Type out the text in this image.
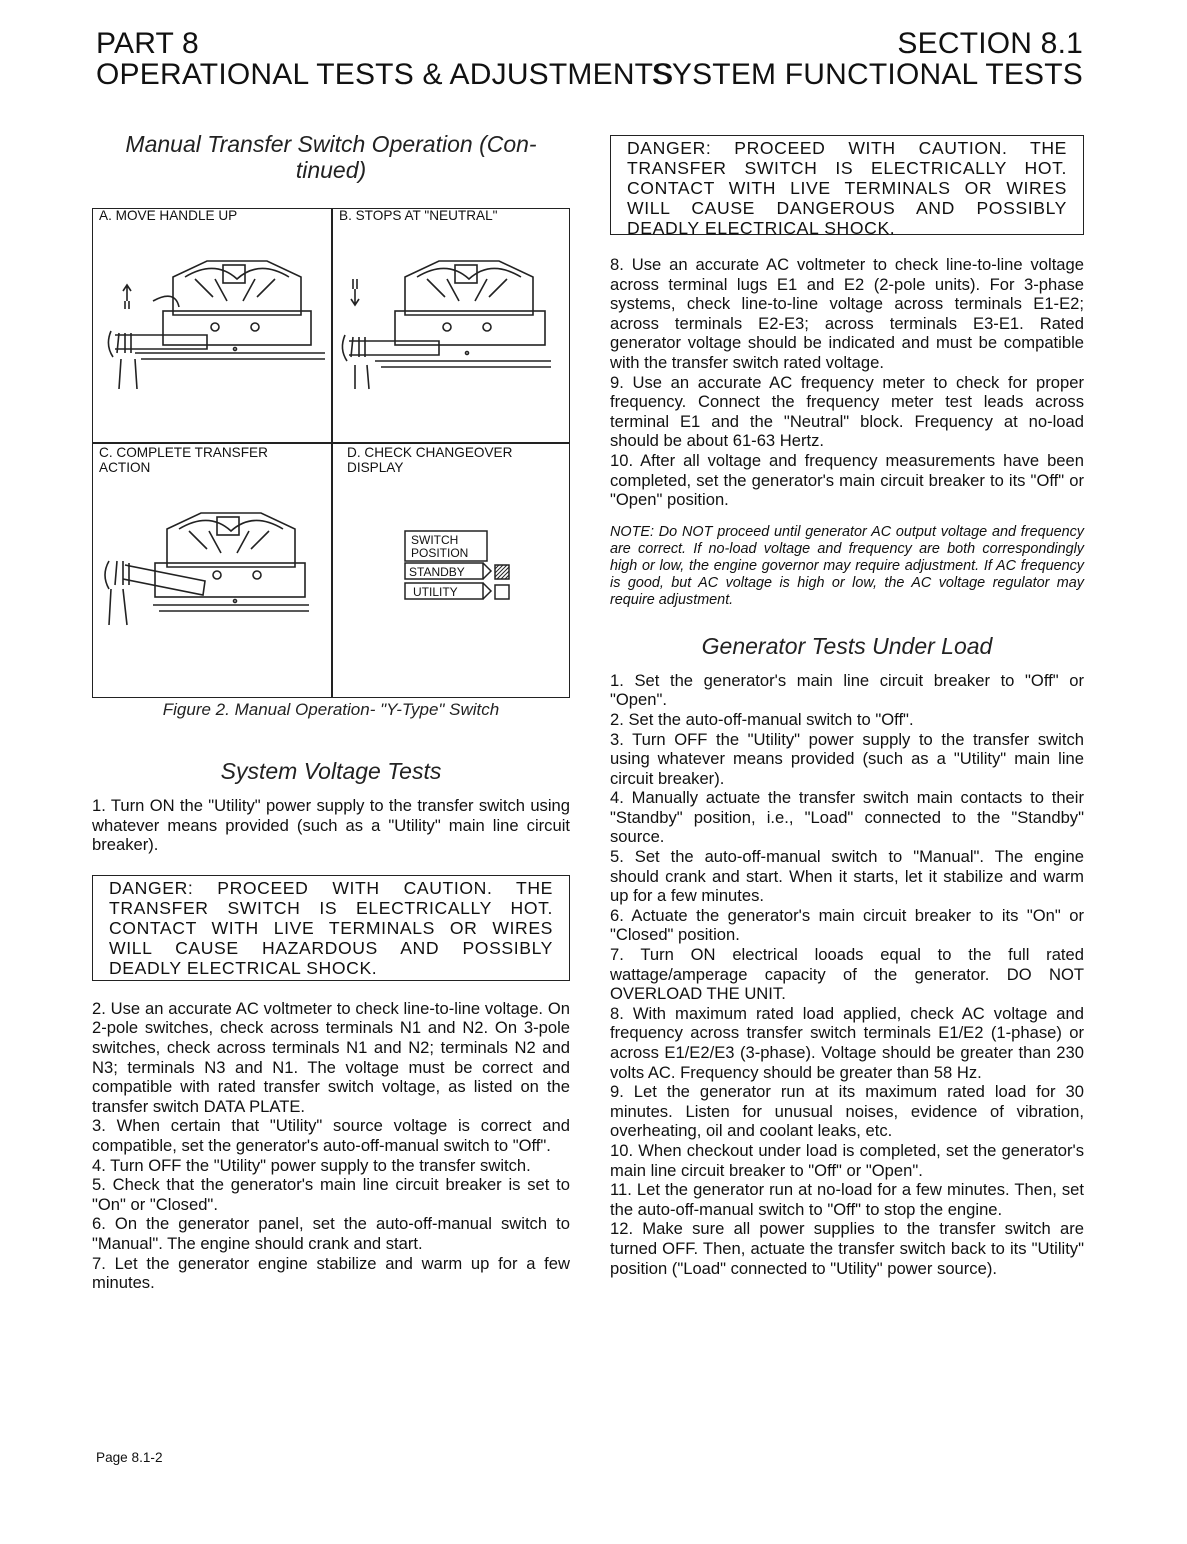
PART 8
OPERATIONAL TESTS & ADJUSTMENTS
SECTION 8.1
SYSTEM FUNCTIONAL TESTS

Manual Transfer Switch Operation (Con-

tinued)

A. MOVE HANDLE UP	B. STOPS AT "NEUTRAL"
C. COMPLETE TRANSFER
ACTION
D. CHECK CHANGEOVER
DISPLAY
SWITCH
POSITION
STANDBY
UTILITY
Figure 2. Manual Operation- "Y-Type" Switch

System Voltage Tests

1. Turn ON the "Utility" power supply to the transfer switch using whatever means provided (such as a "Utility" main line circuit breaker).

DANGER: PROCEED WITH CAUTION. THE TRANSFER SWITCH IS ELECTRICALLY HOT. CONTACT WITH LIVE TERMINALS OR WIRES WILL CAUSE HAZARDOUS AND POSSIBLY DEADLY ELECTRICAL SHOCK.

2. Use an accurate AC voltmeter to check line-to-line voltage. On 2-pole switches, check across terminals N1 and N2. On 3-pole switches, check across terminals N1 and N2; terminals N2 and N3; terminals N3 and N1. The voltage must be correct and compatible with rated transfer switch voltage, as listed on the transfer switch DATA PLATE.

3. When certain that "Utility" source voltage is correct and compatible, set the generator's auto-off-manual switch to "Off".

4. Turn OFF the "Utility" power supply to the transfer switch.

5. Check that the generator's main line circuit breaker is set to "On" or "Closed".

6. On the generator panel, set the auto-off-manual switch to "Manual". The engine should crank and start.

7. Let the generator engine stabilize and warm up for a few minutes.

DANGER: PROCEED WITH CAUTION. THE TRANSFER SWITCH IS ELECTRICALLY HOT. CONTACT WITH LIVE TERMINALS OR WIRES WILL CAUSE DANGEROUS AND POSSIBLY DEADLY ELECTRICAL SHOCK.

8. Use an accurate AC voltmeter to check line-to-line voltage across terminal lugs E1 and E2 (2-pole units). For 3-phase systems, check line-to-line voltage across terminals E1-E2; across terminals E2-E3; across terminals E3-E1. Rated generator voltage should be indicated and must be compatible with the transfer switch rated voltage.

9. Use an accurate AC frequency meter to check for proper frequency. Connect the frequency meter test leads across terminal E1 and the "Neutral" block. Frequency at no-load should be about 61-63 Hertz.

10. After all voltage and frequency measurements have been completed, set the generator's main circuit breaker to its "Off" or "Open" position.

NOTE: Do NOT proceed until generator AC output voltage and frequency are correct. If no-load voltage and frequency are both correspondingly high or low, the engine governor may require adjustment. If AC frequency is good, but AC voltage is high or low, the AC voltage regulator may require adjustment.

Generator Tests Under Load

1. Set the generator's main line circuit breaker to "Off" or "Open".

2. Set the auto-off-manual switch to "Off".

3. Turn OFF the "Utility" power supply to the transfer switch using whatever means provided (such as a "Utility" main line circuit breaker).

4. Manually actuate the transfer switch main contacts to their "Standby" position, i.e., "Load" connected to the "Standby" source.

5. Set the auto-off-manual switch to "Manual". The engine should crank and start. When it starts, let it stabilize and warm up for a few minutes.

6. Actuate the generator's main circuit breaker to its "On" or "Closed" position.

7. Turn ON electrical looads equal to the full rated wattage/amperage capacity of the generator. DO NOT OVERLOAD THE UNIT.

8. With maximum rated load applied, check AC voltage and frequency across transfer switch terminals E1/E2 (1-phase) or across E1/E2/E3 (3-phase). Voltage should be greater than 230 volts AC. Frequency should be greater than 58 Hz.

9. Let the generator run at its maximum rated load for 30 minutes. Listen for unusual noises, evidence of vibration, overheating, oil and coolant leaks, etc.

10. When checkout under load is completed, set the generator's main line circuit breaker to "Off" or "Open".

11. Let the generator run at no-load for a few minutes. Then, set the auto-off-manual switch to "Off" to stop the engine.

12. Make sure all power supplies to the transfer switch are turned OFF. Then, actuate the transfer switch back to its "Utility" position ("Load" connected to "Utility" power source).

Page 8.1-2
